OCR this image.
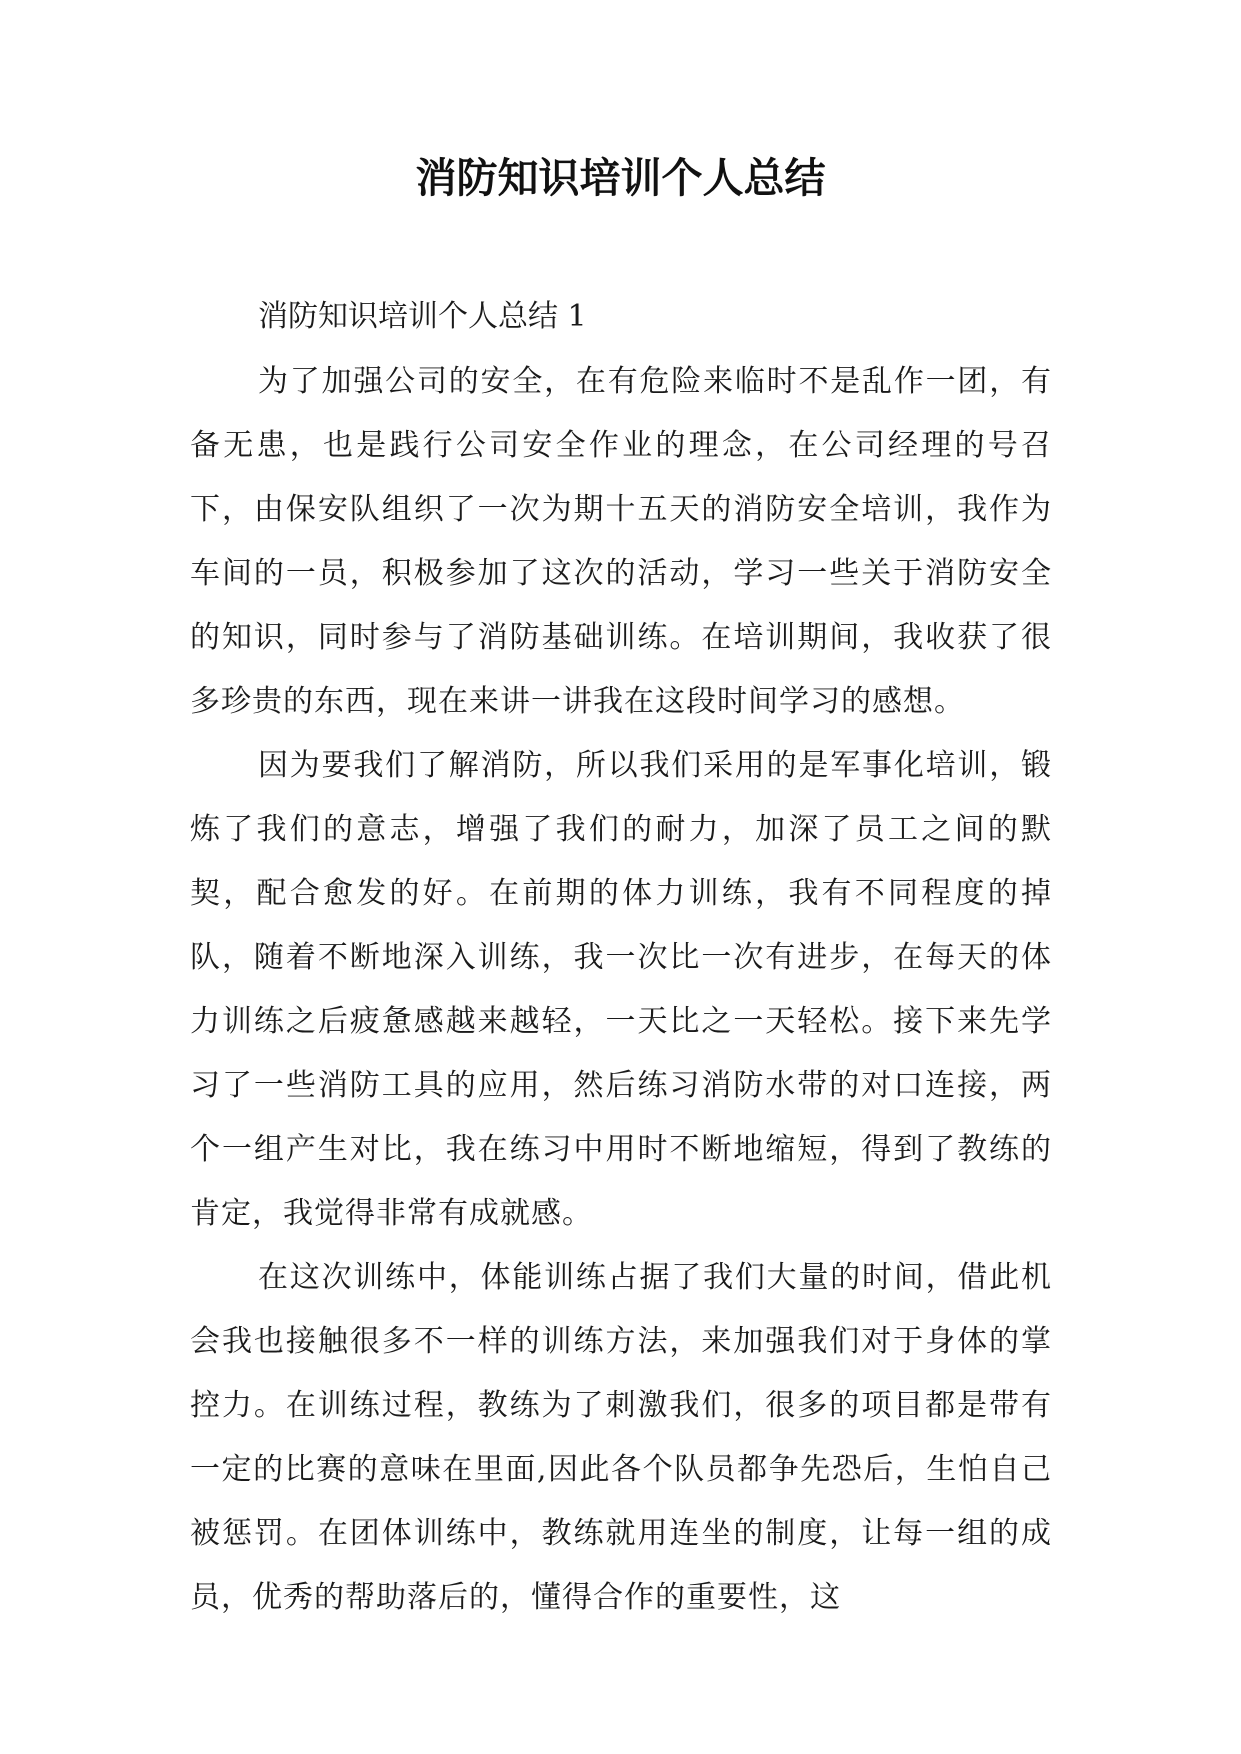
消防知识培训个人总结

消防知识培训个人总结 1

为了加强公司的安全，在有危险来临时不是乱作一团，有备无患，也是践行公司安全作业的理念，在公司经理的号召下，由保安队组织了一次为期十五天的消防安全培训，我作为车间的一员，积极参加了这次的活动，学习一些关于消防安全的知识，同时参与了消防基础训练。在培训期间，我收获了很多珍贵的东西，现在来讲一讲我在这段时间学习的感想。

因为要我们了解消防，所以我们采用的是军事化培训，锻炼了我们的意志，增强了我们的耐力，加深了员工之间的默契，配合愈发的好。在前期的体力训练，我有不同程度的掉队，随着不断地深入训练，我一次比一次有进步，在每天的体力训练之后疲惫感越来越轻，一天比之一天轻松。接下来先学习了一些消防工具的应用，然后练习消防水带的对口连接，两个一组产生对比，我在练习中用时不断地缩短，得到了教练的肯定，我觉得非常有成就感。

在这次训练中，体能训练占据了我们大量的时间，借此机会我也接触很多不一样的训练方法，来加强我们对于身体的掌控力。在训练过程，教练为了刺激我们，很多的项目都是带有一定的比赛的意味在里面,因此各个队员都争先恐后，生怕自己被惩罚。在团体训练中，教练就用连坐的制度，让每一组的成员，优秀的帮助落后的，懂得合作的重要性，这
